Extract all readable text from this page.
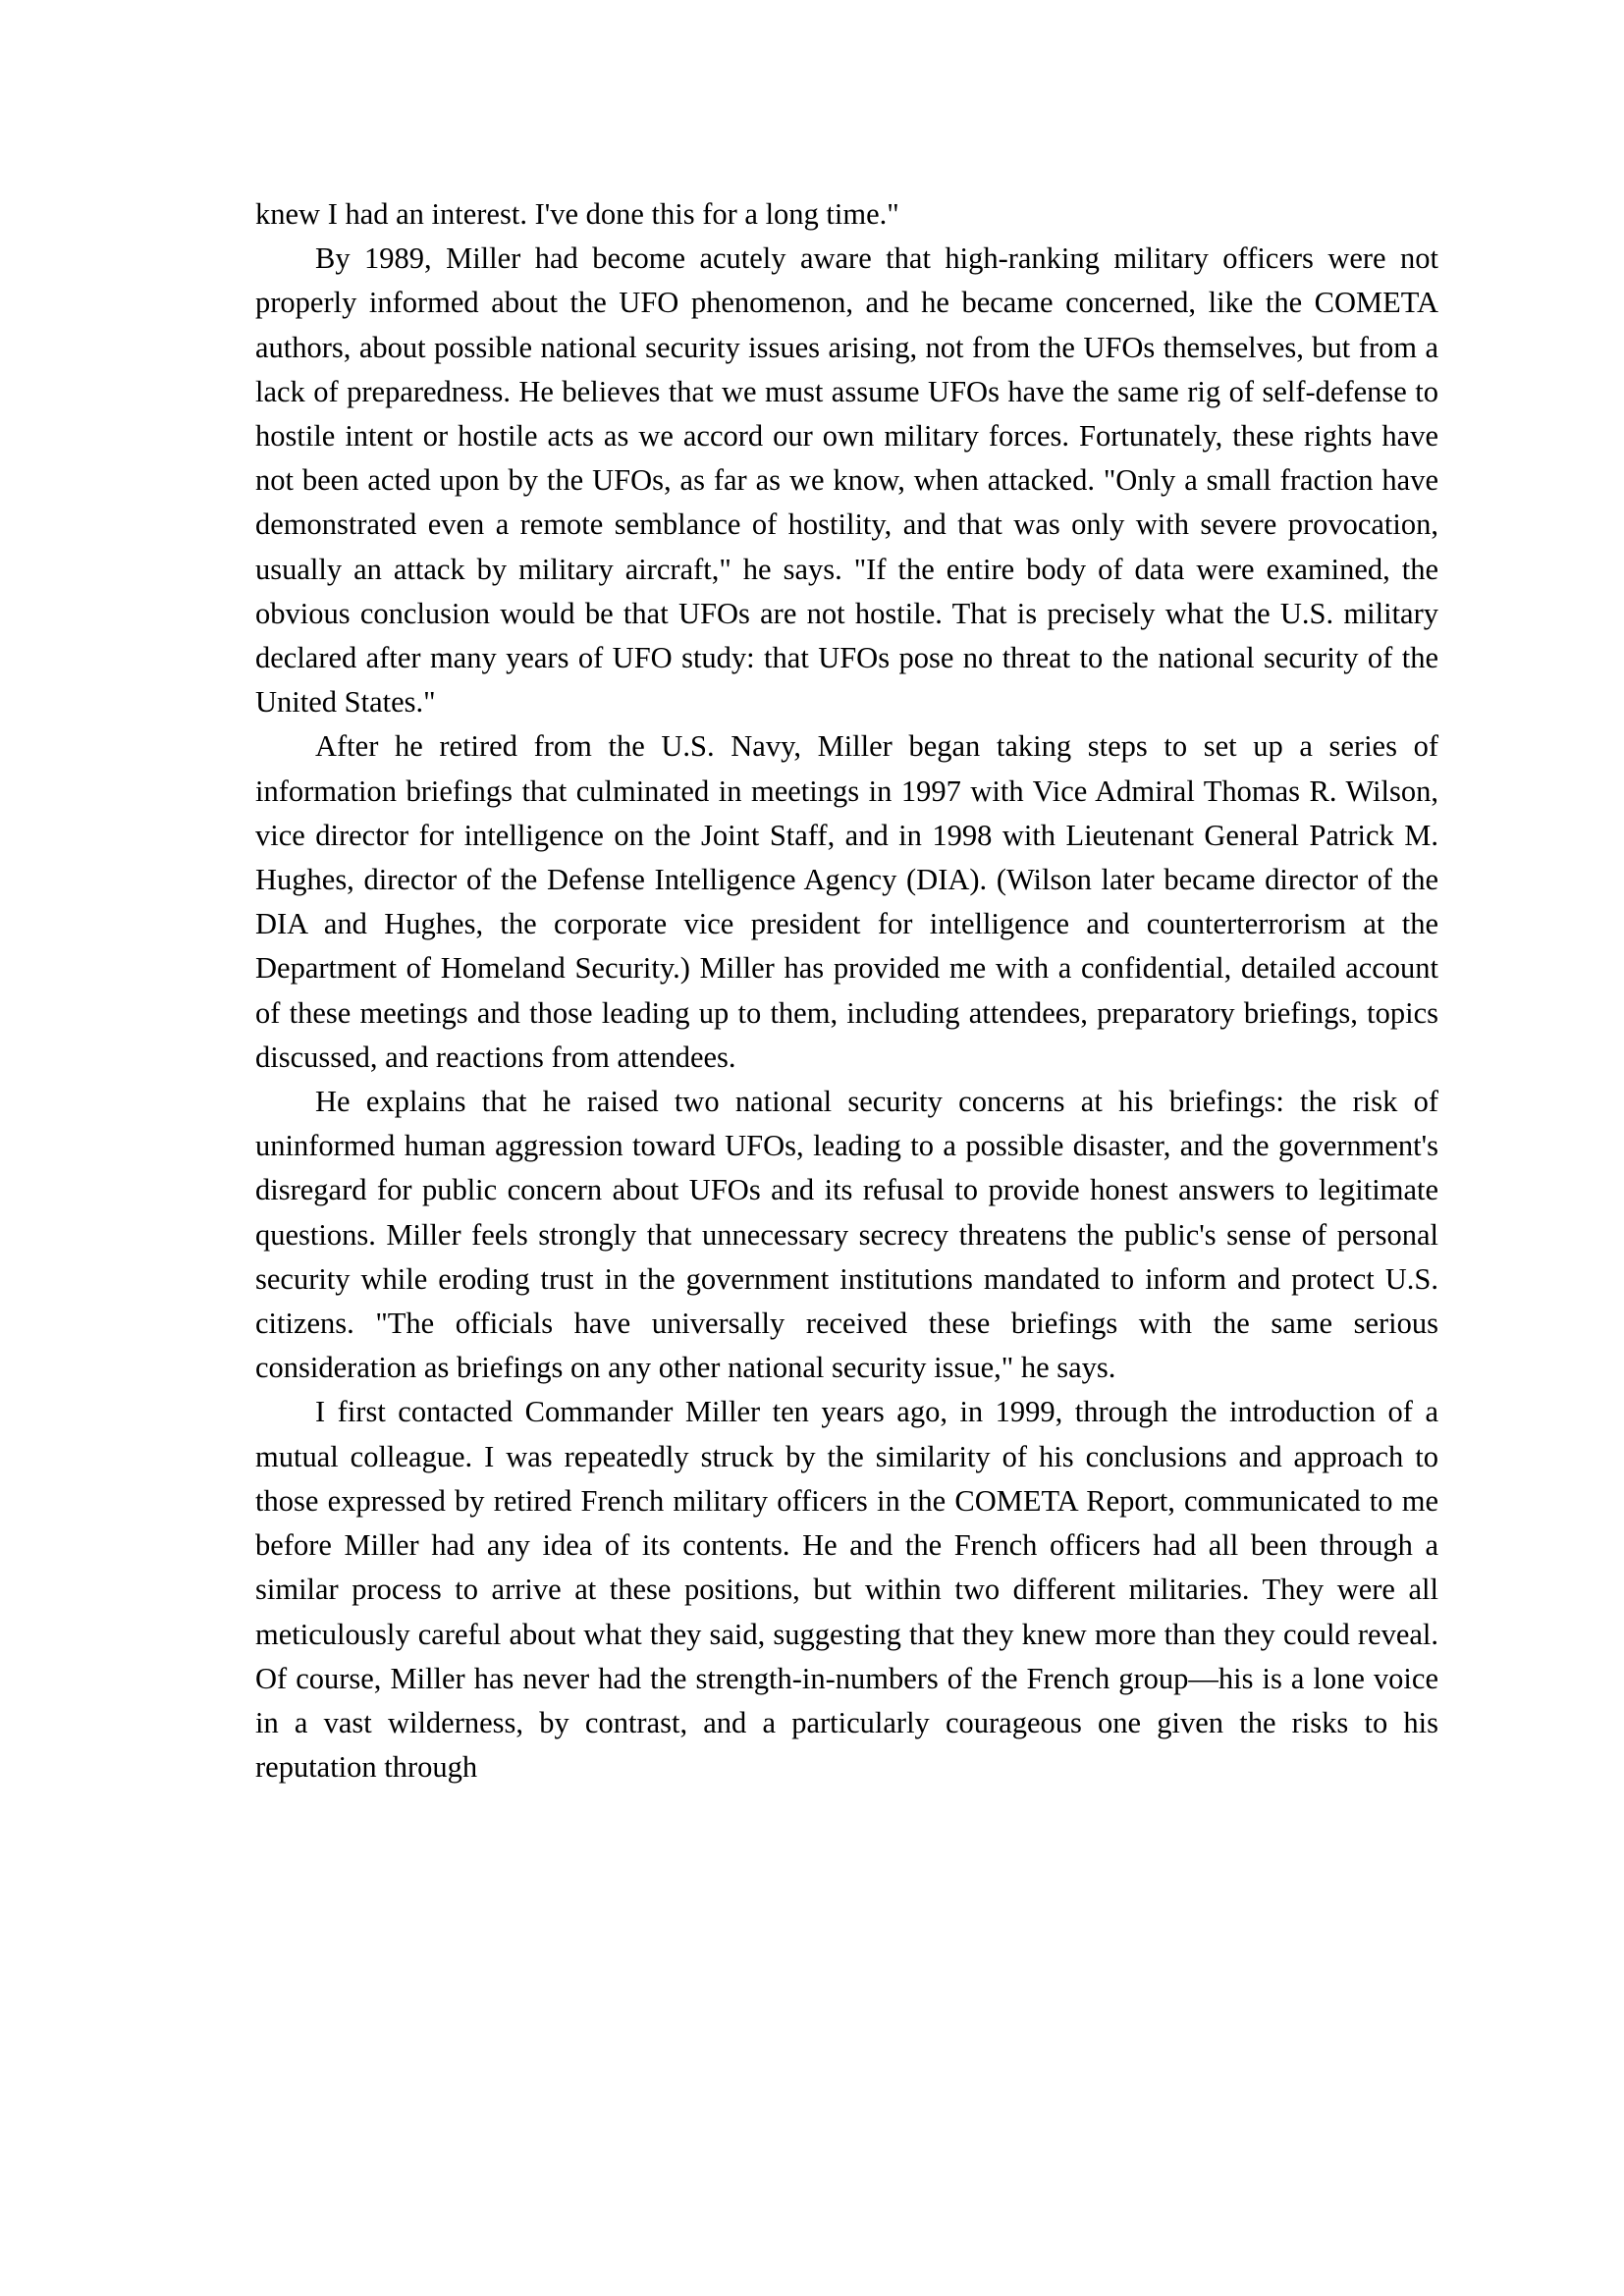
knew I had an interest. I've done this for a long time."

By 1989, Miller had become acutely aware that high-ranking military officers were not properly informed about the UFO phenomenon, and he became concerned, like the COMETA authors, about possible national security issues arising, not from the UFOs themselves, but from a lack of preparedness. He believes that we must assume UFOs have the same rig of self-defense to hostile intent or hostile acts as we accord our own military forces. Fortunately, these rights have not been acted upon by the UFOs, as far as we know, when attacked. "Only a small fraction have demonstrated even a remote semblance of hostility, and that was only with severe provocation, usually an attack by military aircraft," he says. "If the entire body of data were examined, the obvious conclusion would be that UFOs are not hostile. That is precisely what the U.S. military declared after many years of UFO study: that UFOs pose no threat to the national security of the United States."

After he retired from the U.S. Navy, Miller began taking steps to set up a series of information briefings that culminated in meetings in 1997 with Vice Admiral Thomas R. Wilson, vice director for intelligence on the Joint Staff, and in 1998 with Lieutenant General Patrick M. Hughes, director of the Defense Intelligence Agency (DIA). (Wilson later became director of the DIA and Hughes, the corporate vice president for intelligence and counterterrorism at the Department of Homeland Security.) Miller has provided me with a confidential, detailed account of these meetings and those leading up to them, including attendees, preparatory briefings, topics discussed, and reactions from attendees.

He explains that he raised two national security concerns at his briefings: the risk of uninformed human aggression toward UFOs, leading to a possible disaster, and the government's disregard for public concern about UFOs and its refusal to provide honest answers to legitimate questions. Miller feels strongly that unnecessary secrecy threatens the public's sense of personal security while eroding trust in the government institutions mandated to inform and protect U.S. citizens. "The officials have universally received these briefings with the same serious consideration as briefings on any other national security issue," he says.

I first contacted Commander Miller ten years ago, in 1999, through the introduction of a mutual colleague. I was repeatedly struck by the similarity of his conclusions and approach to those expressed by retired French military officers in the COMETA Report, communicated to me before Miller had any idea of its contents. He and the French officers had all been through a similar process to arrive at these positions, but within two different militaries. They were all meticulously careful about what they said, suggesting that they knew more than they could reveal. Of course, Miller has never had the strength-in-numbers of the French group—his is a lone voice in a vast wilderness, by contrast, and a particularly courageous one given the risks to his reputation through
